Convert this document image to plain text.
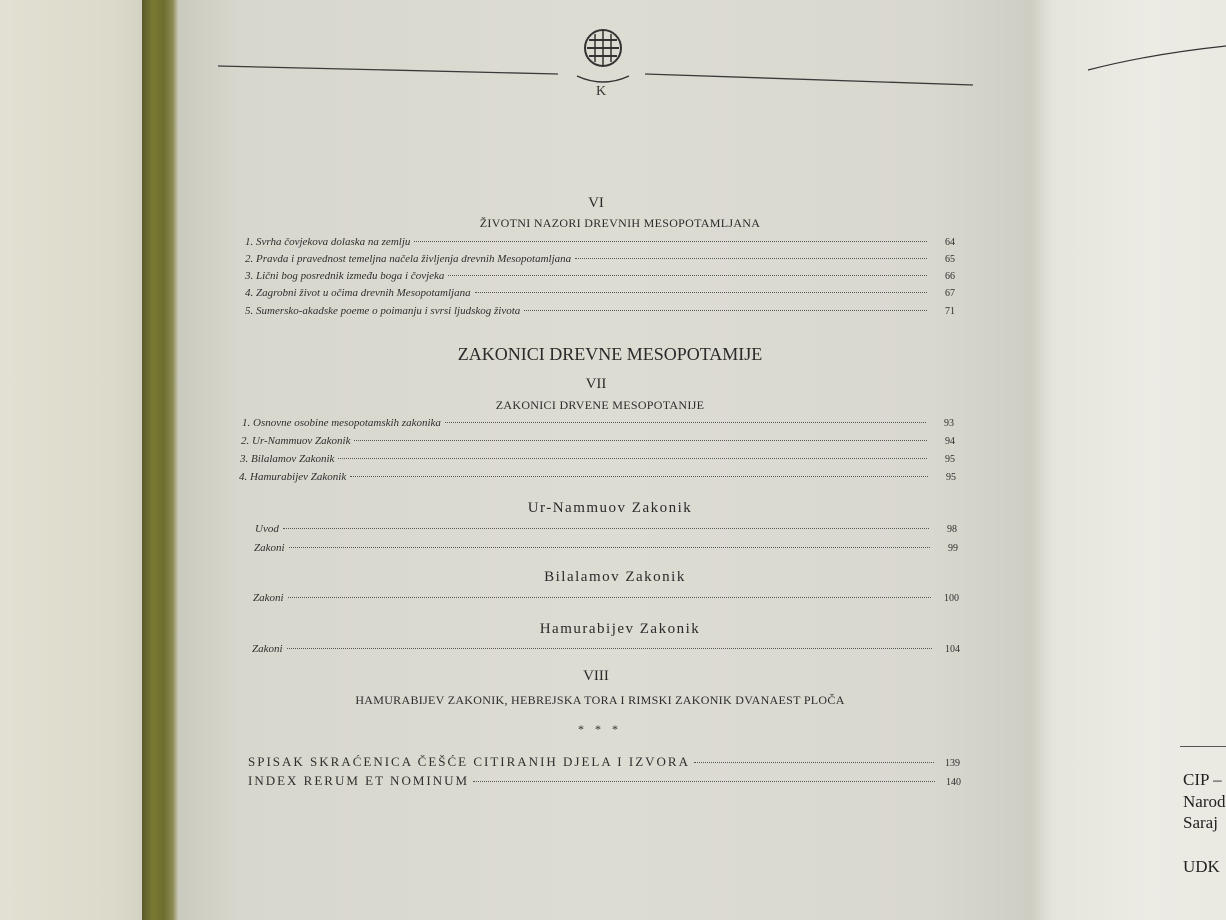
CIP –
Narod
Saraj
UDK
K
VI
ŽIVOTNI NAZORI DREVNIH MESOPOTAMLJANA
1.
Svrha čovjekova dolaska na zemlju	64
2.
Pravda i pravednost temeljna načela življenja drevnih Mesopotamljana	65
3.
Lični bog posrednik između boga i čovjeka	66
4.
Zagrobni život u očima drevnih Mesopotamljana	67
5.
Sumersko-akadske poeme o poimanju i svrsi ljudskog života	71
ZAKONICI DREVNE MESOPOTAMIJE
VII
ZAKONICI DRVENE MESOPOTANIJE
1.
Osnovne osobine mesopotamskih zakonika	93
2.
Ur-Nammuov Zakonik	94
3.
Bilalamov Zakonik	95
4.
Hamurabijev Zakonik	95
Ur-Nammuov Zakonik
Uvod	98
Zakoni	99
Bilalamov Zakonik
Zakoni	100
Hamurabijev Zakonik
Zakoni	104
VIII
HAMURABIJEV ZAKONIK, HEBREJSKA TORA I RIMSKI ZAKONIK DVANAEST PLOČA
* * *
SPISAK SKRAĆENICA ČEŠĆE CITIRANIH DJELA I IZVORA	139
INDEX RERUM ET NOMINUM	140
